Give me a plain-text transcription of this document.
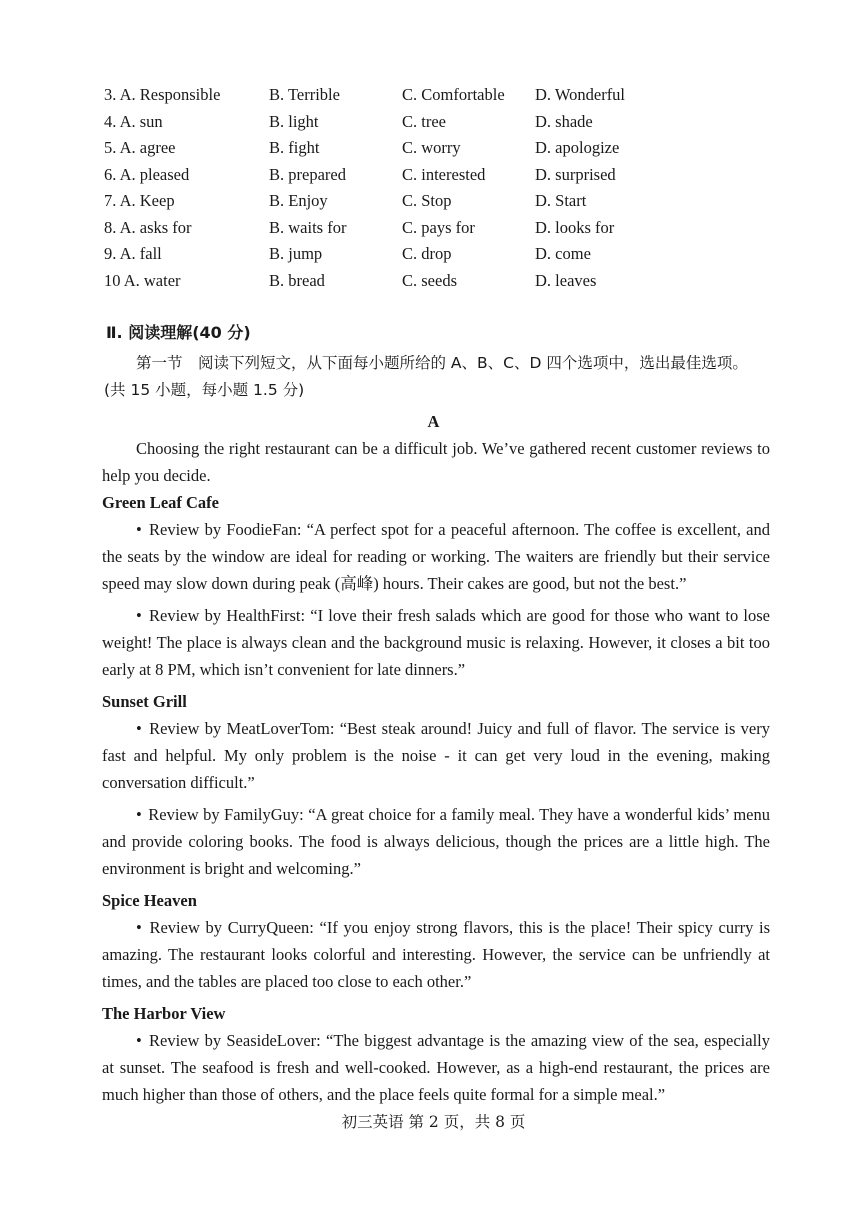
3. A. Responsible	B. Terrible	C. Comfortable	D. Wonderful
4. A. sun	B. light	C. tree	D. shade
5. A. agree	B. fight	C. worry	D. apologize
6. A. pleased	B. prepared	C. interested	D. surprised
7. A. Keep	B. Enjoy	C. Stop	D. Start
8. A. asks for	B. waits for	C. pays for	D. looks for
9. A. fall	B. jump	C. drop	D. come
10 A. water	B. bread	C. seeds	D. leaves
Ⅱ. 阅读理解(40 分)
第一节　阅读下列短文，从下面每小题所给的 A、B、C、D 四个选项中，选出最佳选项。
(共 15 小题，每小题 1.5 分)
A

Choosing the right restaurant can be a difficult job. We’ve gathered recent customer reviews to help you decide.

Green Leaf Cafe

• Review by FoodieFan: “A perfect spot for a peaceful afternoon. The coffee is excellent, and the seats by the window are ideal for reading or working. The waiters are friendly but their service speed may slow down during peak (高峰) hours. Their cakes are good, but not the best.”

• Review by HealthFirst: “I love their fresh salads which are good for those who want to lose weight! The place is always clean and the background music is relaxing. However, it closes a bit too early at 8 PM, which isn’t convenient for late dinners.”

Sunset Grill

• Review by MeatLoverTom: “Best steak around! Juicy and full of flavor. The service is very fast and helpful. My only problem is the noise - it can get very loud in the evening, making conversation difficult.”

• Review by FamilyGuy: “A great choice for a family meal. They have a wonderful kids’ menu and provide coloring books. The food is always delicious, though the prices are a little high. The environment is bright and welcoming.”

Spice Heaven

• Review by CurryQueen: “If you enjoy strong flavors, this is the place! Their spicy curry is amazing. The restaurant looks colorful and interesting. However, the service can be unfriendly at times, and the tables are placed too close to each other.”

The Harbor View

• Review by SeasideLover: “The biggest advantage is the amazing view of the sea, especially at sunset. The seafood is fresh and well-cooked. However, as a high-end restaurant, the prices are much higher than those of others, and the place feels quite formal for a simple meal.”

初三英语 第 2 页，共 8 页
